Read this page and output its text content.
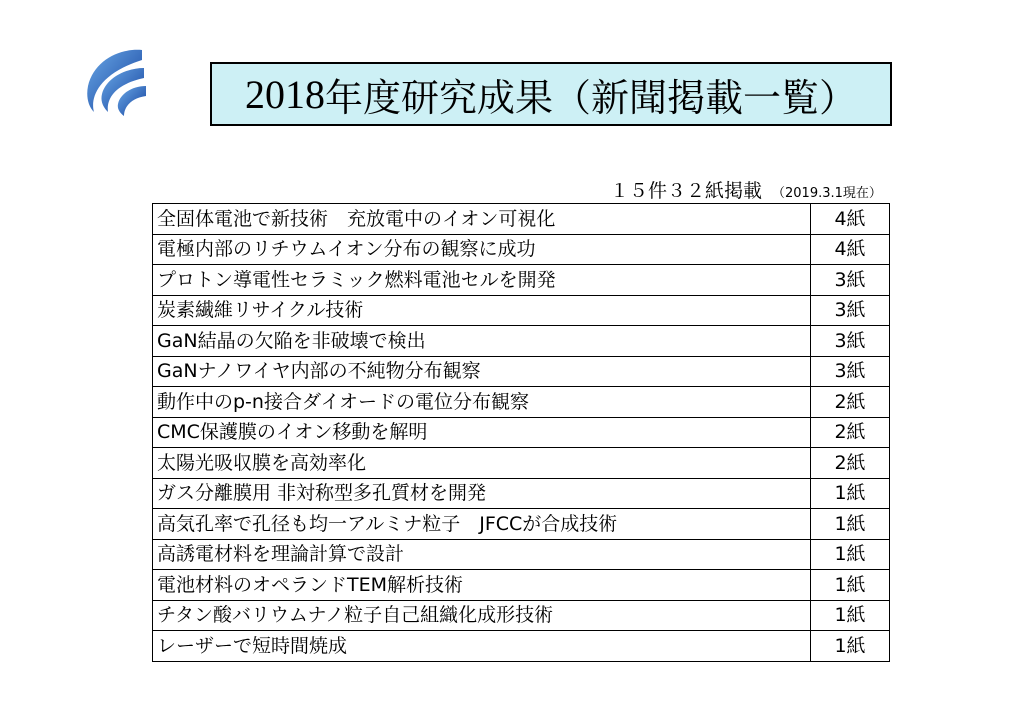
2018 年度研究成果（新聞掲載一覧）
１５件３２紙掲載 （2019.3.1現在）
全固体電池で新技術　充放電中のイオン可視化	4紙
電極内部のリチウムイオン分布の観察に成功	4紙
プロトン導電性セラミック燃料電池セルを開発	3紙
炭素繊維リサイクル技術	3紙
GaN結晶の欠陥を非破壊で検出	3紙
GaNナノワイヤ内部の不純物分布観察	3紙
動作中のp-n接合ダイオードの電位分布観察	2紙
CMC保護膜のイオン移動を解明	2紙
太陽光吸収膜を高効率化	2紙
ガス分離膜用 非対称型多孔質材を開発	1紙
高気孔率で孔径も均一アルミナ粒子　JFCCが合成技術	1紙
高誘電材料を理論計算で設計	1紙
電池材料のオペランドTEM解析技術	1紙
チタン酸バリウムナノ粒子自己組織化成形技術	1紙
レーザーで短時間焼成	1紙
